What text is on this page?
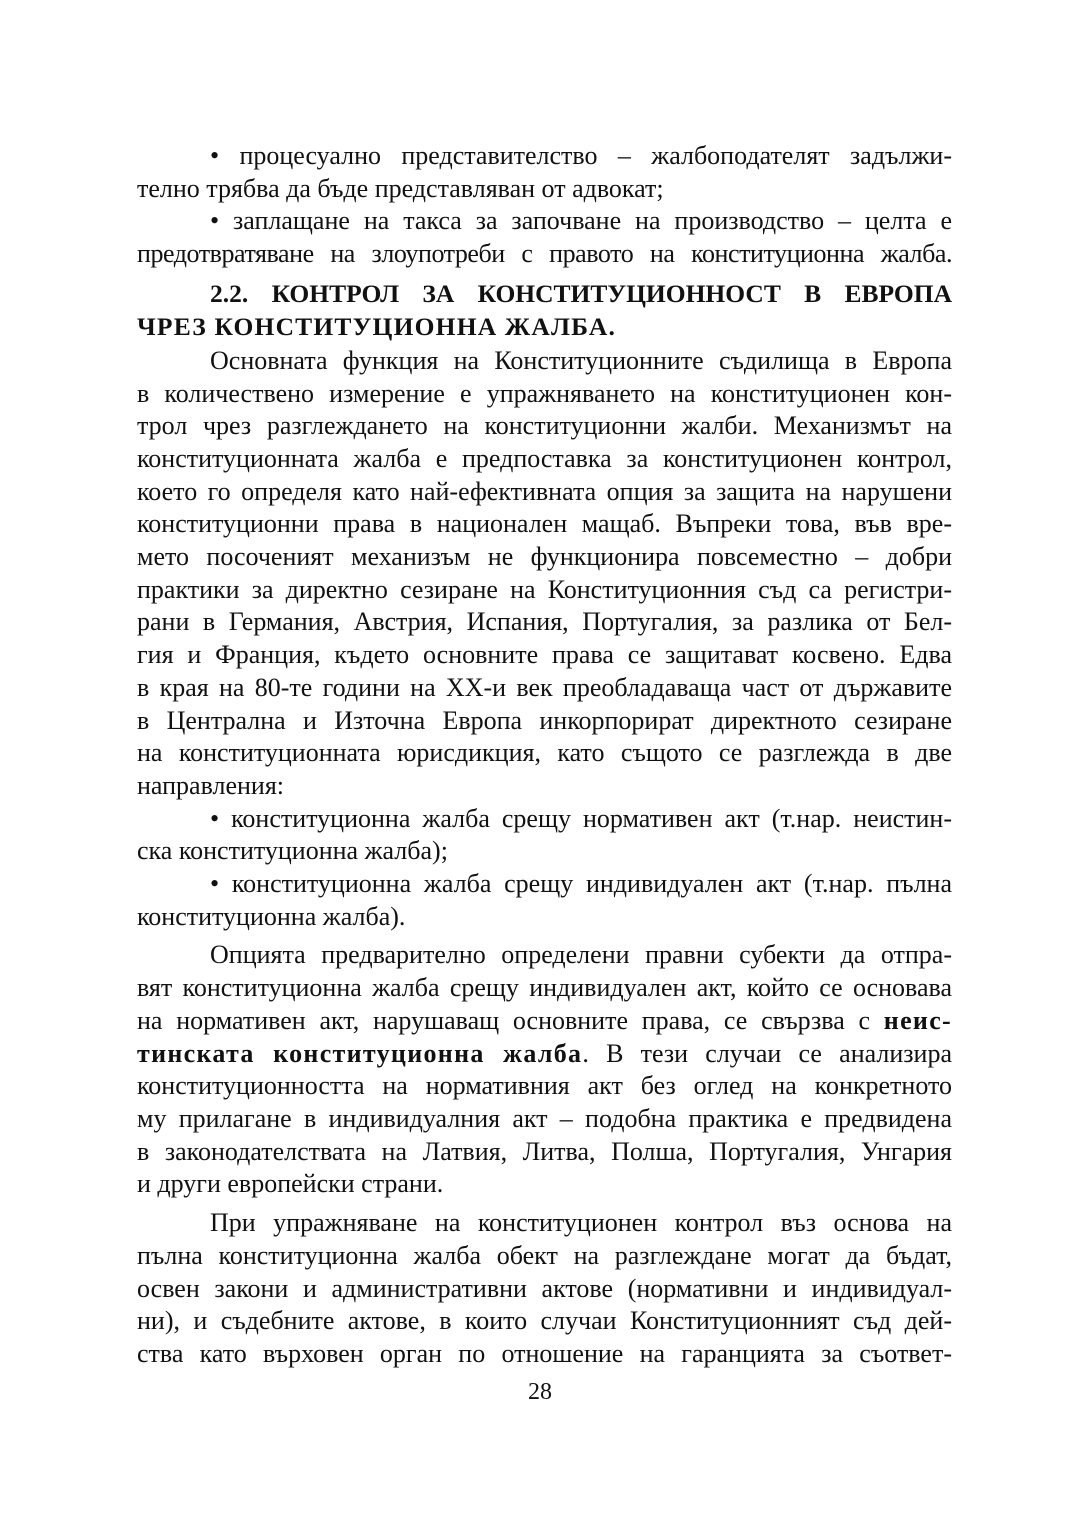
• процесуално представителство – жалбоподателят задължи-
телно трябва да бъде представляван от адвокат;

• заплащане на такса за започване на производство – целта е
предотвратяване на злоупотреби с правото на конституционна жалба.

2.2. КОНТРОЛ ЗА КОНСТИТУЦИОННОСТ В ЕВРОПА
ЧРЕЗ КОНСТИТУЦИОННА ЖАЛБА.

Основната функция на Конституционните съдилища в Европа
в количествено измерение е упражняването на конституционен кон-
трол чрез разглеждането на конституционни жалби. Механизмът на
конституционната жалба е предпоставка за конституционен контрол,
което го определя като най-ефективната опция за защита на нарушени
конституционни права в национален мащаб. Въпреки това, във вре-
мето посоченият механизъм не функционира повсеместно – добри
практики за директно сезиране на Конституционния съд са регистри-
рани в Германия, Австрия, Испания, Португалия, за разлика от Бел-
гия и Франция, където основните права се защитават косвено. Едва
в края на 80-те години на XX-и век преобладаваща част от държавите
в Централна и Източна Европа инкорпорират директното сезиране
на конституционната юрисдикция, като същото се разглежда в две
направления:

• конституционна жалба срещу нормативен акт (т.нар. неистин-
ска конституционна жалба);

• конституционна жалба срещу индивидуален акт (т.нар. пълна
конституционна жалба).

Опцията предварително определени правни субекти да отпра-
вят конституционна жалба срещу индивидуален акт, който се основава
на нормативен акт, нарушаващ основните права, се свързва с неис-
тинската конституционна жалба. В тези случаи се анализира
конституционността на нормативния акт без оглед на конкретното
му прилагане в индивидуалния акт – подобна практика е предвидена
в законодателствата на Латвия, Литва, Полша, Португалия, Унгария
и други европейски страни.

При упражняване на конституционен контрол въз основа на
пълна конституционна жалба обект на разглеждане могат да бъдат,
освен закони и административни актове (нормативни и индивидуал-
ни), и съдебните актове, в които случаи Конституционният съд дей-
ства като върховен орган по отношение на гаранцията за съответ-

28
